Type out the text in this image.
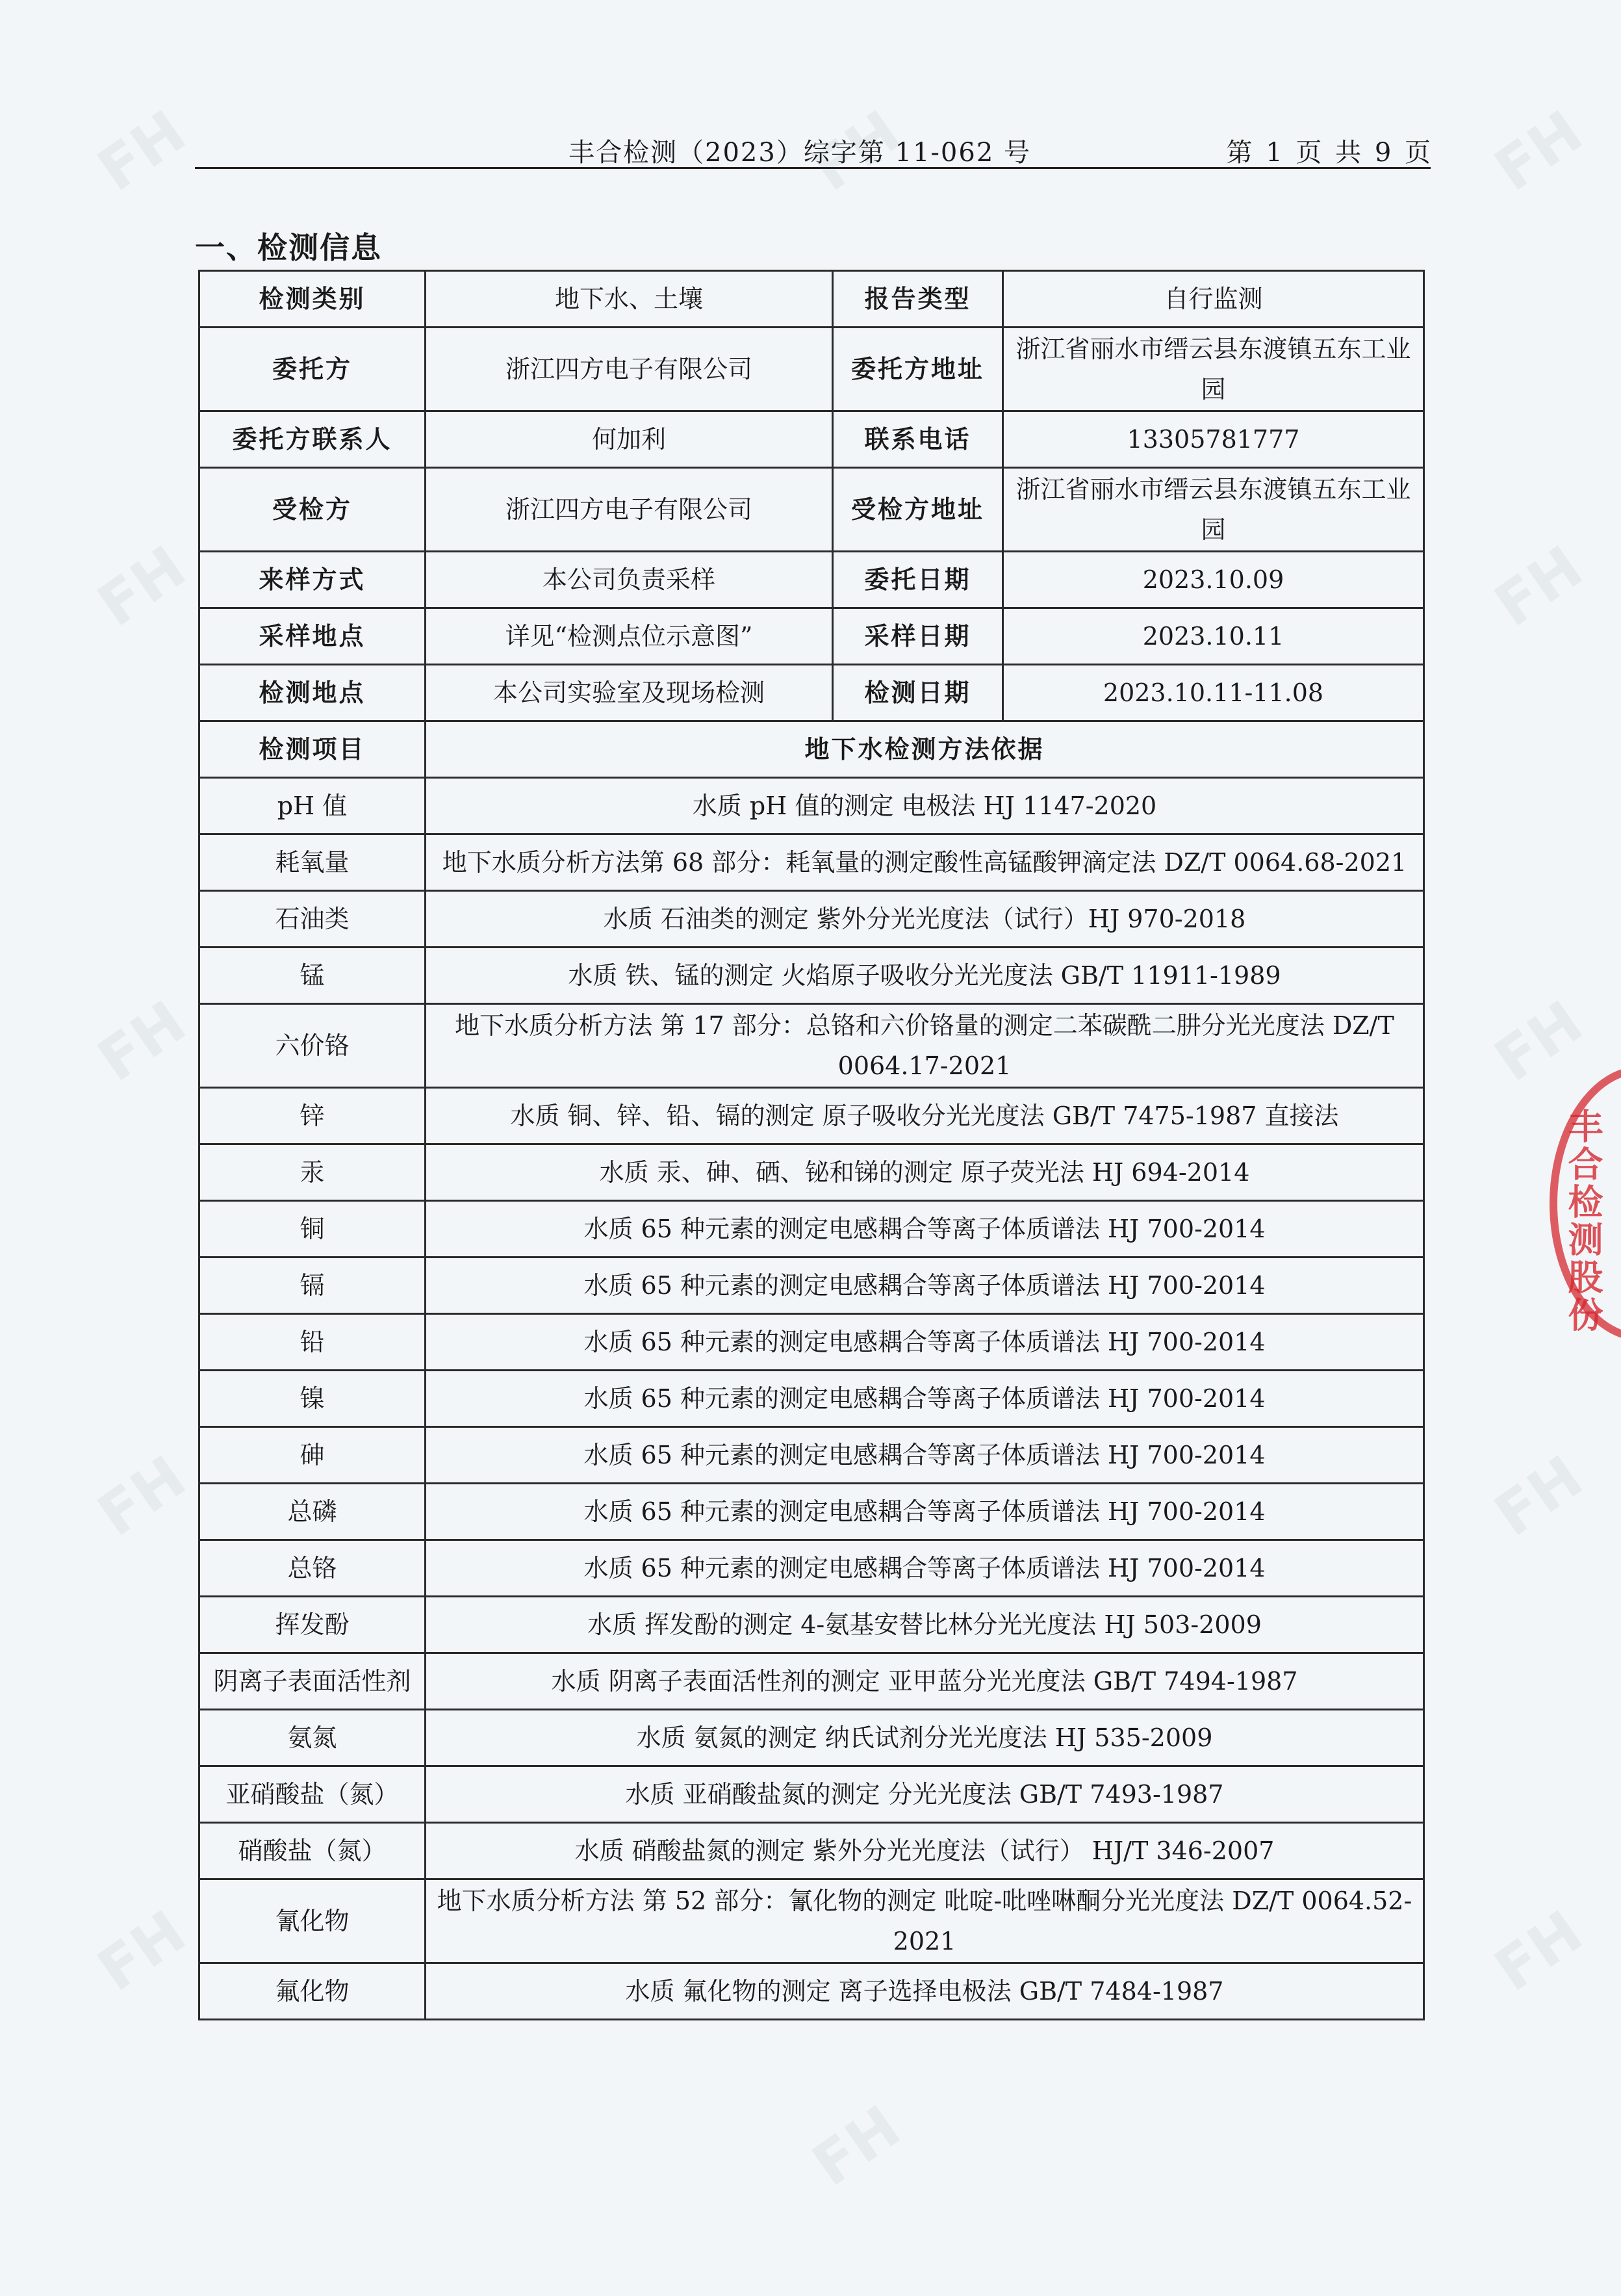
FH	FH	FH
FH	FH
FH	FH
FH	FH
FH
FH
FH
丰合检测（2023）综字第 11-062 号	第 1 页 共 9 页
一、检测信息
检测类别	地下水、土壤	报告类型	自行监测
委托方	浙江四方电子有限公司	委托方地址	浙江省丽水市缙云县东渡镇五东工业园
委托方联系人	何加利	联系电话	13305781777
受检方	浙江四方电子有限公司	受检方地址	浙江省丽水市缙云县东渡镇五东工业园
来样方式	本公司负责采样	委托日期	2023.10.09
采样地点	详见“检测点位示意图”	采样日期	2023.10.11
检测地点	本公司实验室及现场检测	检测日期	2023.10.11-11.08
检测项目	地下水检测方法依据		
pH 值	水质 pH 值的测定 电极法 HJ 1147-2020		
耗氧量	地下水质分析方法第 68 部分：耗氧量的测定酸性高锰酸钾滴定法 DZ/T 0064.68-2021		
石油类	水质 石油类的测定 紫外分光光度法（试行）HJ 970-2018		
锰	水质 铁、锰的测定 火焰原子吸收分光光度法 GB/T 11911-1989		
六价铬	地下水质分析方法 第 17 部分：总铬和六价铬量的测定二苯碳酰二肼分光光度法 DZ/T 0064.17-2021		
锌	水质 铜、锌、铅、镉的测定 原子吸收分光光度法 GB/T 7475-1987 直接法		
汞	水质 汞、砷、硒、铋和锑的测定 原子荧光法 HJ 694-2014		
铜	水质 65 种元素的测定电感耦合等离子体质谱法 HJ 700-2014		
镉	水质 65 种元素的测定电感耦合等离子体质谱法 HJ 700-2014		
铅	水质 65 种元素的测定电感耦合等离子体质谱法 HJ 700-2014		
镍	水质 65 种元素的测定电感耦合等离子体质谱法 HJ 700-2014		
砷	水质 65 种元素的测定电感耦合等离子体质谱法 HJ 700-2014		
总磷	水质 65 种元素的测定电感耦合等离子体质谱法 HJ 700-2014		
总铬	水质 65 种元素的测定电感耦合等离子体质谱法 HJ 700-2014		
挥发酚	水质 挥发酚的测定 4-氨基安替比林分光光度法 HJ 503-2009		
阴离子表面活性剂	水质 阴离子表面活性剂的测定 亚甲蓝分光光度法 GB/T 7494-1987		
氨氮	水质 氨氮的测定 纳氏试剂分光光度法 HJ 535-2009		
亚硝酸盐（氮）	水质 亚硝酸盐氮的测定 分光光度法 GB/T 7493-1987		
硝酸盐（氮）	水质 硝酸盐氮的测定 紫外分光光度法（试行） HJ/T 346-2007		
氰化物	地下水质分析方法 第 52 部分：氰化物的测定 吡啶-吡唑啉酮分光光度法 DZ/T 0064.52-2021		
氟化物	水质 氟化物的测定 离子选择电极法 GB/T 7484-1987		
丰合检测股份
